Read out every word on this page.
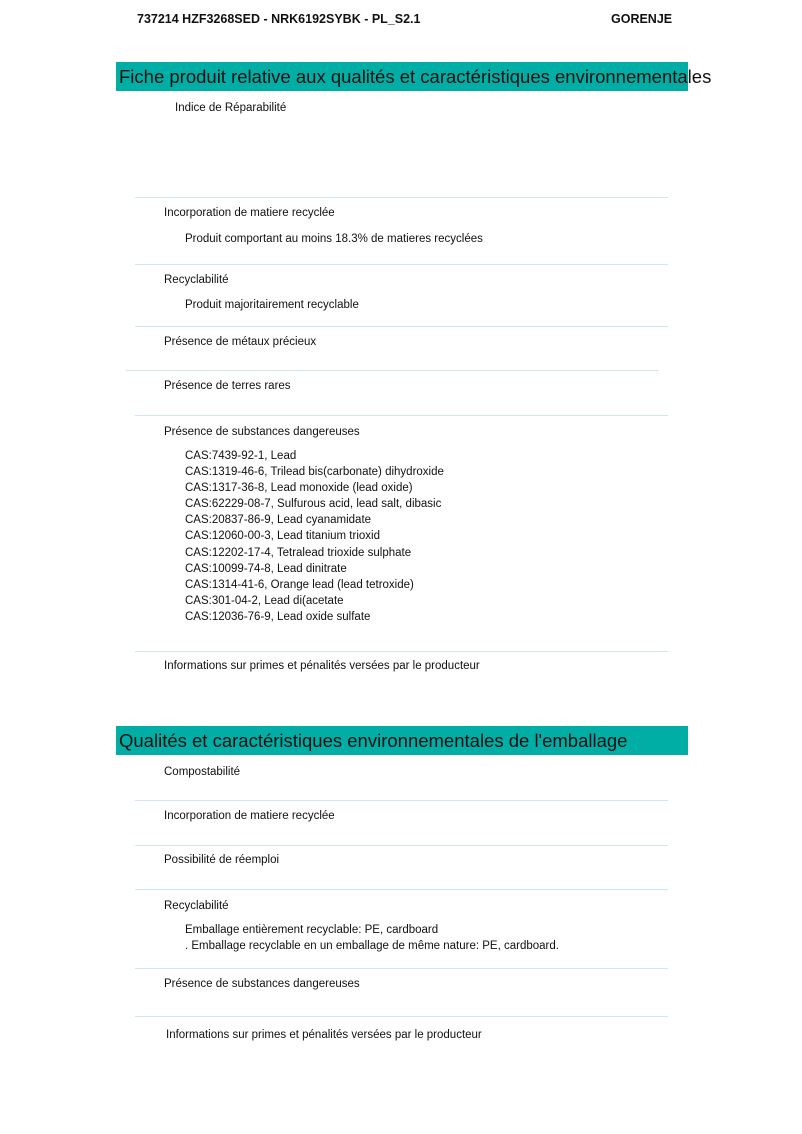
737214 HZF3268SED - NRK6192SYBK - PL_S2.1	GORENJE
Fiche produit relative aux qualités et caractéristiques environnementales
Indice de Réparabilité
Incorporation de matiere recyclée
Produit comportant au moins 18.3% de matieres recyclées
Recyclabilité
Produit majoritairement recyclable
Présence de métaux précieux
Présence de terres rares
Présence de substances dangereuses
CAS:7439-92-1, Lead
CAS:1319-46-6, Trilead bis(carbonate) dihydroxide
CAS:1317-36-8, Lead monoxide (lead oxide)
CAS:62229-08-7, Sulfurous acid, lead salt, dibasic
CAS:20837-86-9, Lead cyanamidate
CAS:12060-00-3, Lead titanium trioxid
CAS:12202-17-4, Tetralead trioxide sulphate
CAS:10099-74-8, Lead dinitrate
CAS:1314-41-6, Orange lead (lead tetroxide)
CAS:301-04-2, Lead di(acetate
CAS:12036-76-9, Lead oxide sulfate
Informations sur primes et pénalités versées par le producteur
Qualités et caractéristiques environnementales de l'emballage
Compostabilité
Incorporation de matiere recyclée
Possibilité de réemploi
Recyclabilité
Emballage entièrement recyclable: PE, cardboard
. Emballage recyclable en un emballage de même nature: PE, cardboard.
Présence de substances dangereuses
Informations sur primes et pénalités versées par le producteur
